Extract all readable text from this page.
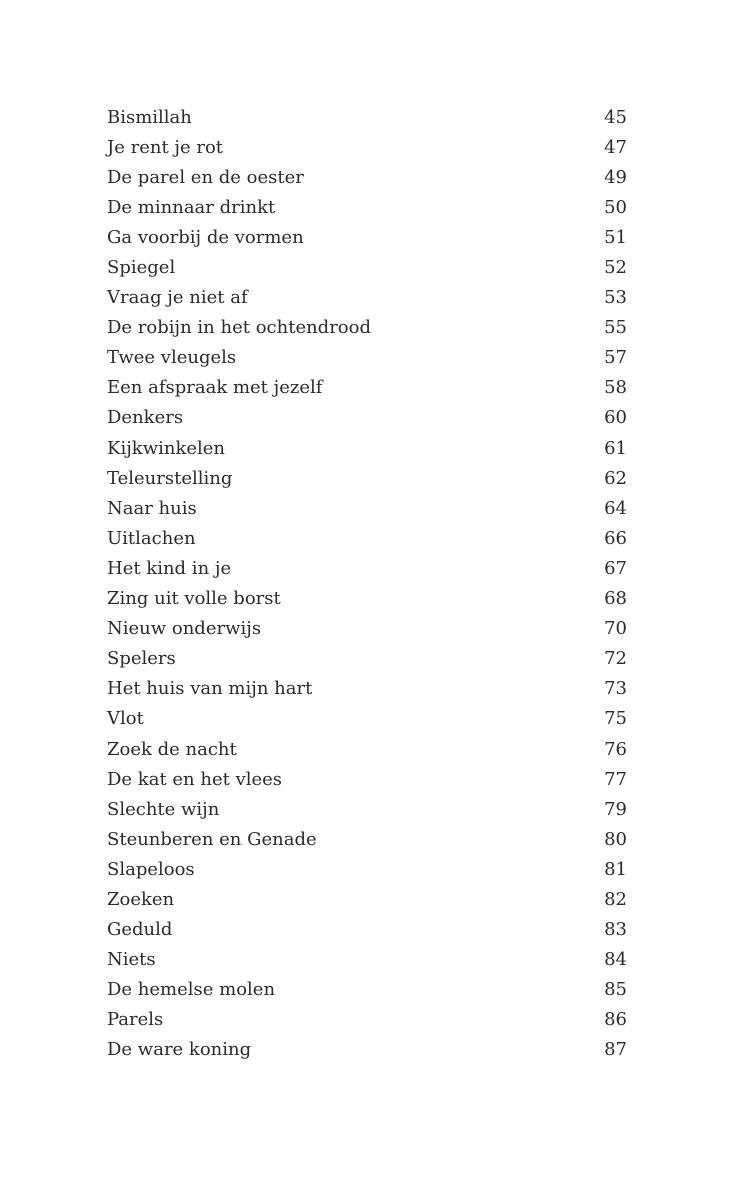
Bismillah	45
Je rent je rot	47
De parel en de oester	49
De minnaar drinkt	50
Ga voorbij de vormen	51
Spiegel	52
Vraag je niet af	53
De robijn in het ochtendrood	55
Twee vleugels	57
Een afspraak met jezelf	58
Denkers	60
Kijkwinkelen	61
Teleurstelling	62
Naar huis	64
Uitlachen	66
Het kind in je	67
Zing uit volle borst	68
Nieuw onderwijs	70
Spelers	72
Het huis van mijn hart	73
Vlot	75
Zoek de nacht	76
De kat en het vlees	77
Slechte wijn	79
Steunberen en Genade	80
Slapeloos	81
Zoeken	82
Geduld	83
Niets	84
De hemelse molen	85
Parels	86
De ware koning	87
